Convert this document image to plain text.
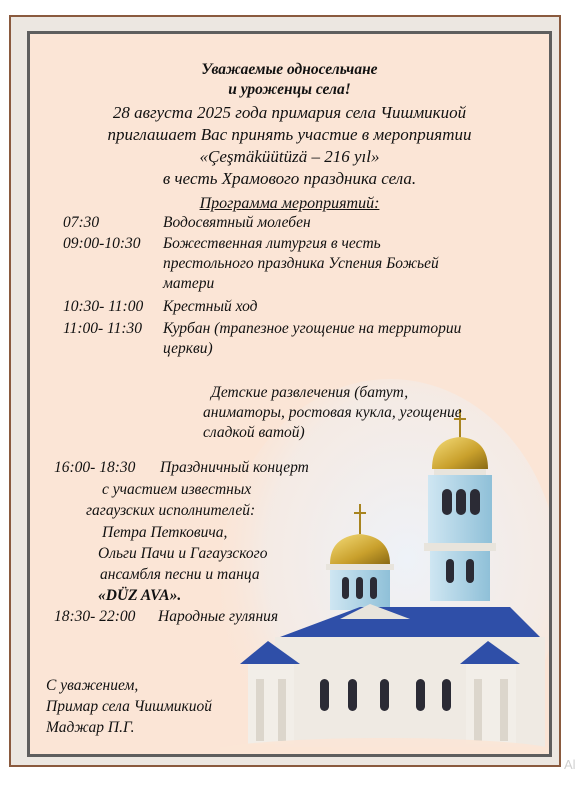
Уважаемые односельчане
и уроженцы села!
28 августа 2025 года примария села Чишмикиой
приглашает Вас принять участие в мероприятии
«Çeşmäküütüzä – 216 yıl»
в честь Храмового праздника села.
Программа мероприятий:
07:30	Водосвятный молебен
09:00-10:30 Божественная литургия в честь
престольного праздника Успения Божьей
матери
10:30- 11:00 Крестный ход
11:00- 11:30 Курбан (трапезное угощение на территории
церкви)
Детские развлечения (батут,
аниматоры, ростовая кукла, угощение
сладкой ватой)
16:00- 18:30 Праздничный концерт
с участием известных
гагаузских исполнителей:
Петра Петковича,
Ольги Пачи и Гагаузского
ансамбля песни и танца
«DÜZ AVA».
18:30- 22:00 Народные гуляния
С уважением,
Примар села Чишмикиой
Маджар П.Г.
Al
